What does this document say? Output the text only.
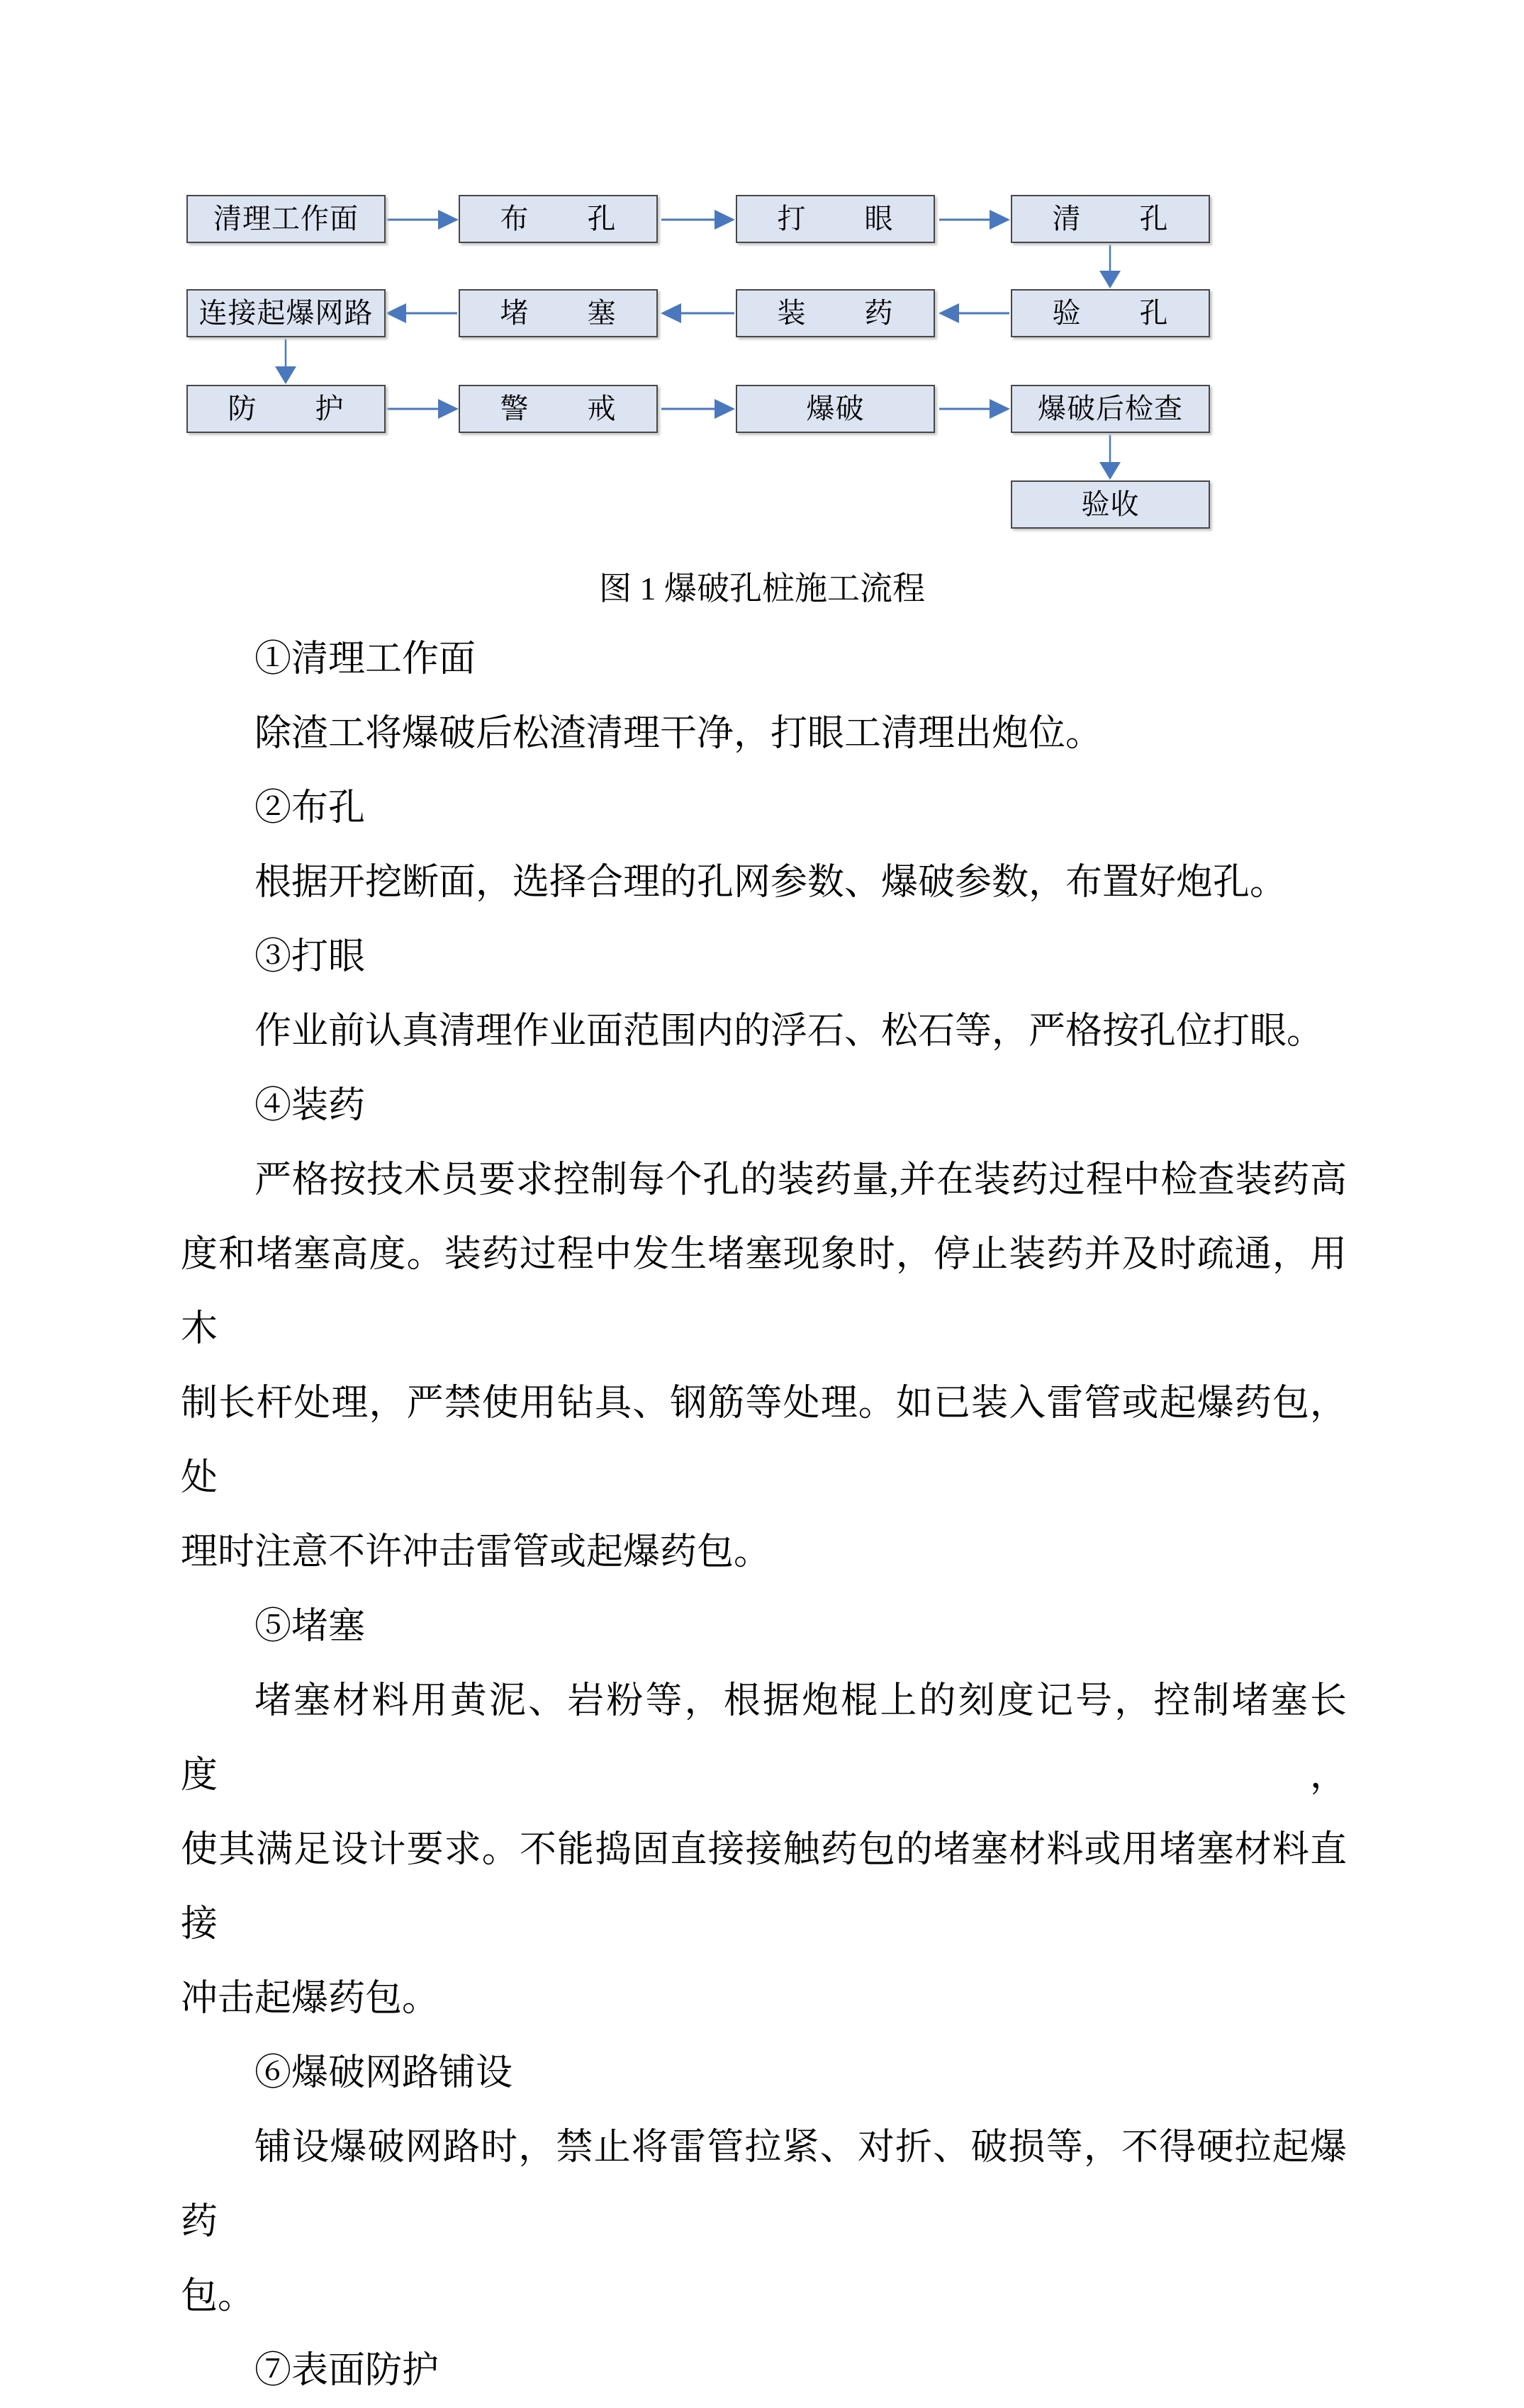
清理工作面	布　　孔	打　　眼	清　　孔
连接起爆网路	堵　　塞	装　　药	验　　孔
防　　护	警　　戒	爆破	爆破后检查
验收
图 1 爆破孔桩施工流程
①清理工作面
除渣工将爆破后松渣清理干净，打眼工清理出炮位。
②布孔
根据开挖断面，选择合理的孔网参数、爆破参数，布置好炮孔。
③打眼
作业前认真清理作业面范围内的浮石、松石等，严格按孔位打眼。
④装药
严格按技术员要求控制每个孔的装药量,并在装药过程中检查装药高
度和堵塞高度。装药过程中发生堵塞现象时，停止装药并及时疏通，用木
制长杆处理，严禁使用钻具、钢筋等处理。如已装入雷管或起爆药包，处
理时注意不许冲击雷管或起爆药包。
⑤堵塞
堵塞材料用黄泥、岩粉等，根据炮棍上的刻度记号，控制堵塞长度，
使其满足设计要求。不能捣固直接接触药包的堵塞材料或用堵塞材料直接
冲击起爆药包。
⑥爆破网路铺设
铺设爆破网路时，禁止将雷管拉紧、对折、破损等，不得硬拉起爆药
包。
⑦表面防护
